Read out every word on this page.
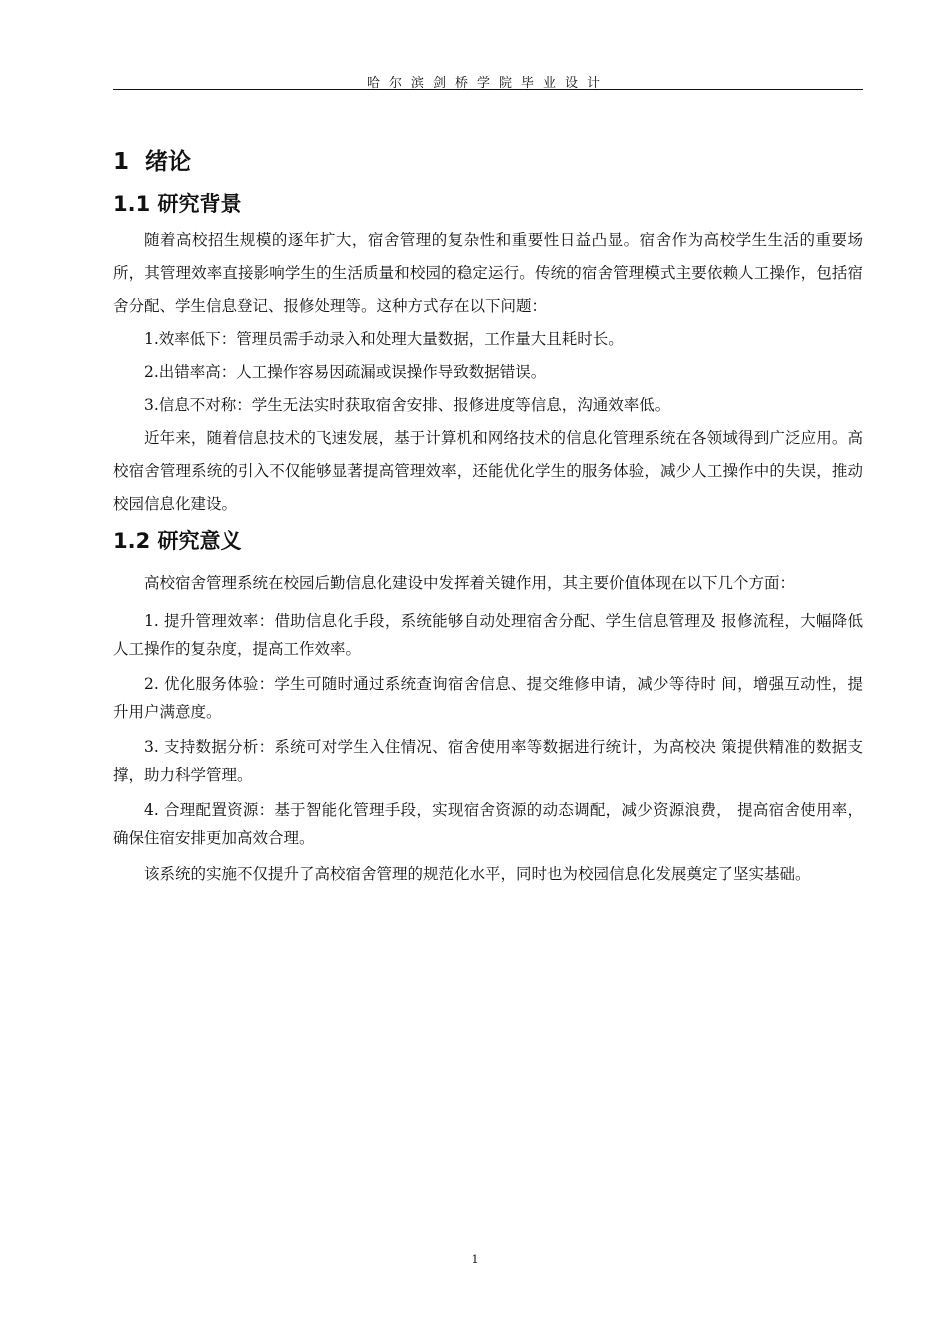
哈尔滨剑桥学院毕业设计
1 绪论
1.1 研究背景

随着高校招生规模的逐年扩大，宿舍管理的复杂性和重要性日益凸显。宿舍作为高校学生生活的重要场所，其管理效率直接影响学生的生活质量和校园的稳定运行。传统的宿舍管理模式主要依赖人工操作，包括宿舍分配、学生信息登记、报修处理等。这种方式存在以下问题：

1.效率低下：管理员需手动录入和处理大量数据，工作量大且耗时长。

2.出错率高：人工操作容易因疏漏或误操作导致数据错误。

3.信息不对称：学生无法实时获取宿舍安排、报修进度等信息，沟通效率低。

近年来，随着信息技术的飞速发展，基于计算机和网络技术的信息化管理系统在各领域得到广泛应用。高校宿舍管理系统的引入不仅能够显著提高管理效率，还能优化学生的服务体验，减少人工操作中的失误，推动校园信息化建设。

1.2 研究意义

高校宿舍管理系统在校园后勤信息化建设中发挥着关键作用，其主要价值体现在以下几个方面：

1. 提升管理效率：借助信息化手段，系统能够自动处理宿舍分配、学生信息管理及 报修流程，大幅降低人工操作的复杂度，提高工作效率。

2. 优化服务体验：学生可随时通过系统查询宿舍信息、提交维修申请，减少等待时 间，增强互动性，提升用户满意度。

3. 支持数据分析：系统可对学生入住情况、宿舍使用率等数据进行统计，为高校决 策提供精准的数据支撑，助力科学管理。

4. 合理配置资源：基于智能化管理手段，实现宿舍资源的动态调配，减少资源浪费， 提高宿舍使用率，确保住宿安排更加高效合理。

该系统的实施不仅提升了高校宿舍管理的规范化水平，同时也为校园信息化发展奠定了坚实基础。

1
